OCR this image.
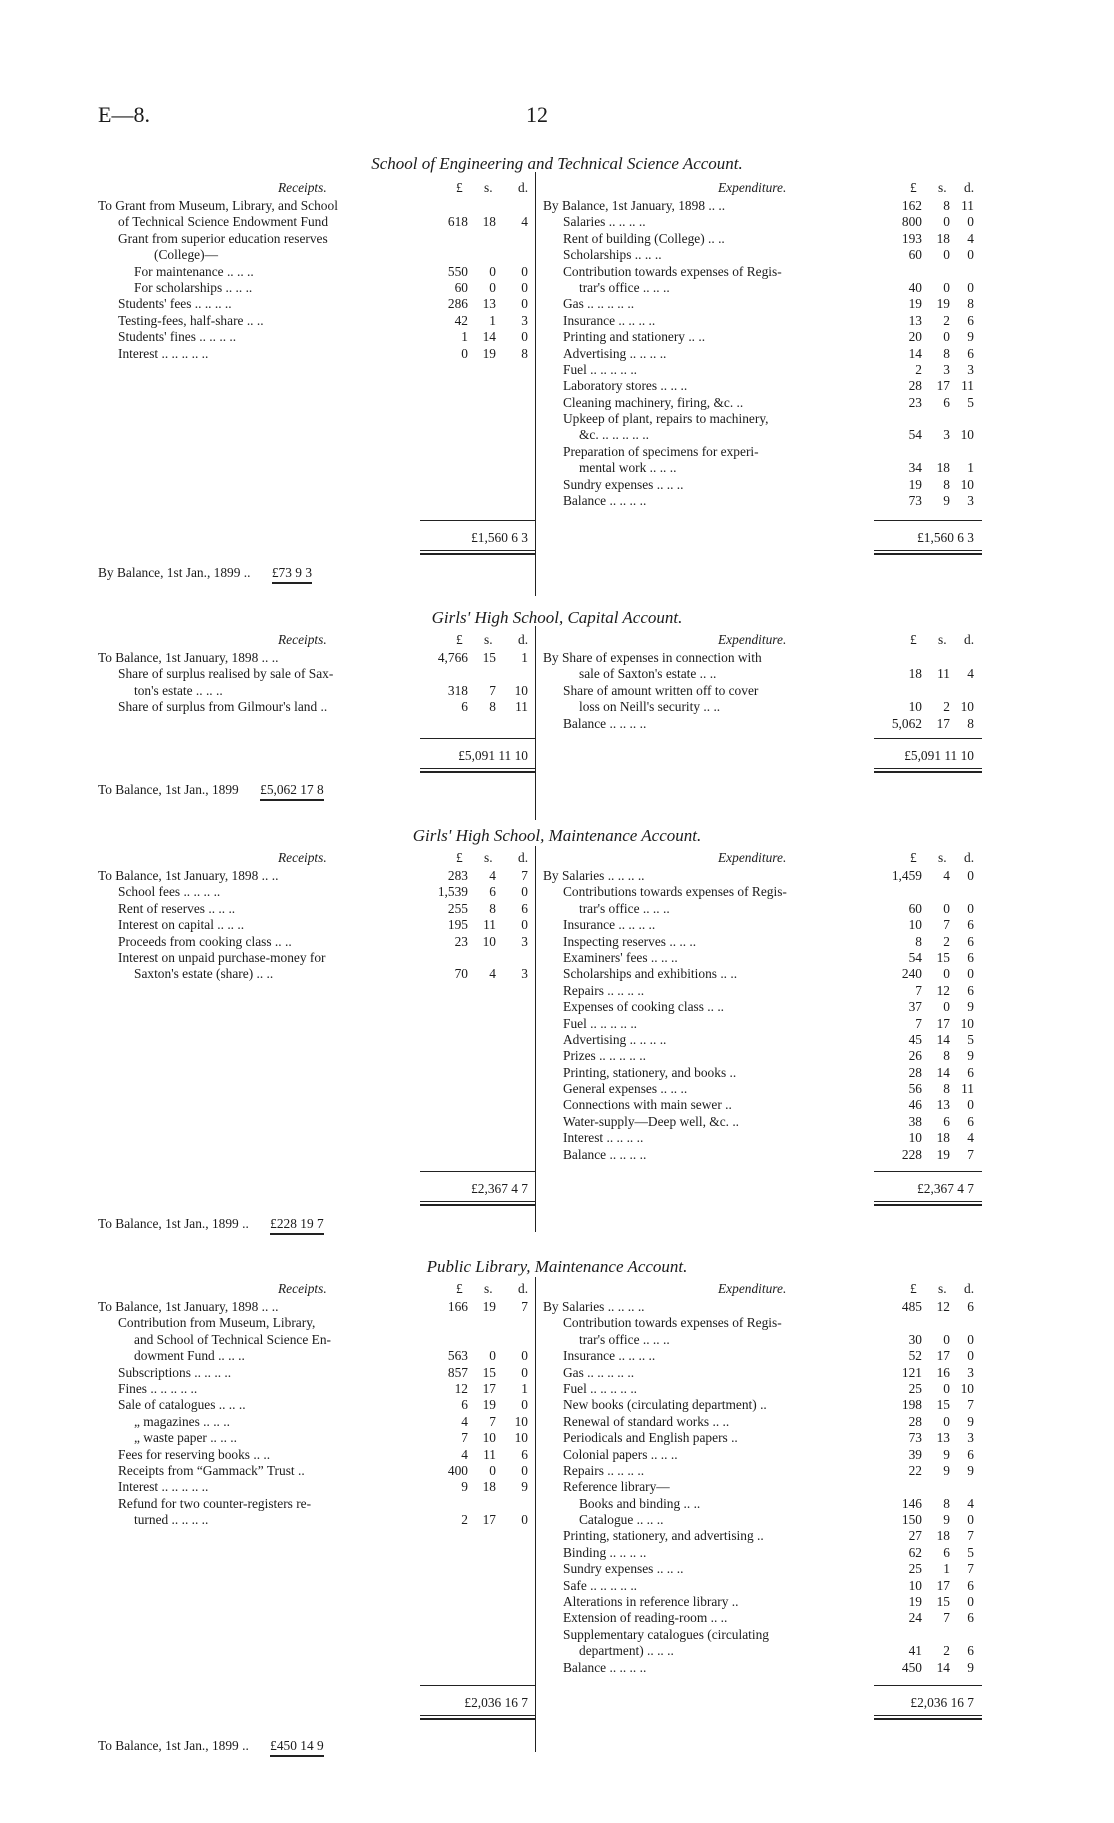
E—8.	12
School of Engineering and Technical Science Account.
Receipts.	£ s. d.	Expenditure.	£ s. d.
To Grant from Museum, Library, and School
of Technical Science Endowment Fund	618 18 4
Grant from superior education reserves
(College)—
For maintenance .. .. ..	550 0 0
For scholarships .. .. ..	60 0 0
Students' fees .. .. .. ..	286 13 0
Testing-fees, half-share .. ..	42 1 3
Students' fines .. .. .. ..	1 14 0
Interest .. .. .. .. ..	0 19 8
By Balance, 1st January, 1898 .. ..	162 8 11
Salaries .. .. .. ..	800 0 0
Rent of building (College) .. ..	193 18 4
Scholarships .. .. ..	60 0 0
Contribution towards expenses of Regis-
trar's office .. .. ..	40 0 0
Gas .. .. .. .. ..	19 19 8
Insurance .. .. .. ..	13 2 6
Printing and stationery .. ..	20 0 9
Advertising .. .. .. ..	14 8 6
Fuel .. .. .. .. ..	2 3 3
Laboratory stores .. .. ..	28 17 11
Cleaning machinery, firing, &c. ..	23 6 5
Upkeep of plant, repairs to machinery,
&c. .. .. .. .. ..	54 3 10
Preparation of specimens for experi-
mental work .. .. ..	34 18 1
Sundry expenses .. .. ..	19 8 10
Balance .. .. .. ..	73 9 3
£1,560 6 3	£1,560 6 3
By Balance, 1st Jan., 1899 .. £73 9 3
Girls' High School, Capital Account.
Receipts.	£ s. d.	Expenditure.	£ s. d.
To Balance, 1st January, 1898 .. ..	4,766 15 1
Share of surplus realised by sale of Sax-
ton's estate .. .. ..	318 7 10
Share of surplus from Gilmour's land ..	6 8 11
By Share of expenses in connection with
sale of Saxton's estate .. ..	18 11 4
Share of amount written off to cover
loss on Neill's security .. ..	10 2 10
Balance .. .. .. ..	5,062 17 8
£5,091 11 10	£5,091 11 10
To Balance, 1st Jan., 1899 £5,062 17 8
Girls' High School, Maintenance Account.
Receipts.	£ s. d.	Expenditure.	£ s. d.
To Balance, 1st January, 1898 .. ..	283 4 7
School fees .. .. .. ..	1,539 6 0
Rent of reserves .. .. ..	255 8 6
Interest on capital .. .. ..	195 11 0
Proceeds from cooking class .. ..	23 10 3
Interest on unpaid purchase-money for
Saxton's estate (share) .. ..	70 4 3
By Salaries .. .. .. ..	1,459 4 0
Contributions towards expenses of Regis-
trar's office .. .. ..	60 0 0
Insurance .. .. .. ..	10 7 6
Inspecting reserves .. .. ..	8 2 6
Examiners' fees .. .. ..	54 15 6
Scholarships and exhibitions .. ..	240 0 0
Repairs .. .. .. ..	7 12 6
Expenses of cooking class .. ..	37 0 9
Fuel .. .. .. .. ..	7 17 10
Advertising .. .. .. ..	45 14 5
Prizes .. .. .. .. ..	26 8 9
Printing, stationery, and books ..	28 14 6
General expenses .. .. ..	56 8 11
Connections with main sewer ..	46 13 0
Water-supply—Deep well, &c. ..	38 6 6
Interest .. .. .. ..	10 18 4
Balance .. .. .. ..	228 19 7
£2,367 4 7	£2,367 4 7
To Balance, 1st Jan., 1899 .. £228 19 7
Public Library, Maintenance Account.
Receipts.	£ s. d.	Expenditure.	£ s. d.
To Balance, 1st January, 1898 .. ..	166 19 7
Contribution from Museum, Library,
and School of Technical Science En-
dowment Fund .. .. ..	563 0 0
Subscriptions .. .. .. ..	857 15 0
Fines .. .. .. .. ..	12 17 1
Sale of catalogues .. .. ..	6 19 0
„ magazines .. .. ..	4 7 10
„ waste paper .. .. ..	7 10 10
Fees for reserving books .. ..	4 11 6
Receipts from “Gammack” Trust ..	400 0 0
Interest .. .. .. .. ..	9 18 9
Refund for two counter-registers re-
turned .. .. .. ..	2 17 0
By Salaries .. .. .. ..	485 12 6
Contribution towards expenses of Regis-
trar's office .. .. ..	30 0 0
Insurance .. .. .. ..	52 17 0
Gas .. .. .. .. ..	121 16 3
Fuel .. .. .. .. ..	25 0 10
New books (circulating department) ..	198 15 7
Renewal of standard works .. ..	28 0 9
Periodicals and English papers ..	73 13 3
Colonial papers .. .. ..	39 9 6
Repairs .. .. .. ..	22 9 9
Reference library—
Books and binding .. ..	146 8 4
Catalogue .. .. ..	150 9 0
Printing, stationery, and advertising ..	27 18 7
Binding .. .. .. ..	62 6 5
Sundry expenses .. .. ..	25 1 7
Safe .. .. .. .. ..	10 17 6
Alterations in reference library ..	19 15 0
Extension of reading-room .. ..	24 7 6
Supplementary catalogues (circulating
department) .. .. ..	41 2 6
Balance .. .. .. ..	450 14 9
£2,036 16 7	£2,036 16 7
To Balance, 1st Jan., 1899 .. £450 14 9
